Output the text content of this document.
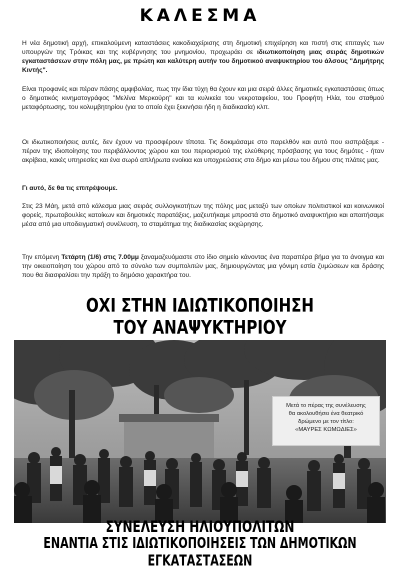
ΚΑΛΕΣΜΑ

Η νέα δημοτική αρχή, επικαλούμενη καταστάσεις κακοδιαχείρισης στη δημοτική επιχείρηση και πιστή στις επιταγές των υπουργών της Τρόικας και της κυβέρνησης του μνημονίου, προχωράει σε ιδιωτικοποίηση μιας σειράς δημοτικών εγκαταστάσεων στην πόλη μας, με πρώτη και καλύτερη αυτήν του δημοτικού αναψυκτηρίου του άλσους "Δημήτρης Κιντής".

Είναι προφανές και πέραν πάσης αμφιβολίας, πως την ίδια τύχη θα έχουν και μια σειρά άλλες δημοτικές εγκαταστάσεις όπως ο δημοτικός κινηματογράφος "Μελίνα Μερκούρη" και τα κυλικεία του νεκροταφείου, του Προφήτη Ηλία, του σταθμού μεταφόρτωσης, του κολυμβητηρίου (για το οποίο έχει ξεκινήσει ήδη η διαδικασία) κλπ.

Οι ιδιωτικοποιήσεις αυτές, δεν έχουν να προσφέρουν τίποτα. Τις δοκιμάσαμε στο παρελθόν και αυτό που εισπράξαμε - πέραν της ιδιοποίησης του περιβάλλοντος χώρου και του περιορισμού της ελεύθερης πρόσβασης για τους δημότες - ήταν ακρίβεια, κακές υπηρεσίες και ένα σωρό απλήρωτα ενοίκια και υποχρεώσεις στο δήμο και μέσω του δήμου στις πλάτες μας.

Γι αυτό, δε θα τις επιτρέψουμε.

Στις 23 Μάη, μετά από κάλεσμα μιας σειράς συλλογικοτήτων της πόλης μας μεταξύ των οποίων πολιτιστικοί και κοινωνικοί φορείς, πρωτοβουλίες κατοίκων και δημοτικές παρατάξεις, μαζευτήκαμε μπροστά στο δημοτικό αναψυκτήριο και απαιτήσαμε μέσα από μια υποδειγματική συνέλευση, το σταμάτημα της διαδικασίας εκχώρησης.

Την επόμενη Τετάρτη (1/6) στις 7.00μμ ξαναμαζευόμαστε στο ίδιο σημείο κάνοντας ένα παραπέρα βήμα για το άνοιγμα και την οικειοποίηση του χώρου από το σύνολο των συμπολιτών μας, δημιουργώντας μια γόνιμη εστία ζυμώσεων και δράσης που θα διασφαλίσει την πράξη το δημόσιο χαρακτήρα του.

ΟΧΙ ΣΤΗΝ ΙΔΙΩΤΙΚΟΠΟΙΗΣΗ
ΤΟΥ ΑΝΑΨΥΚΤΗΡΙΟΥ
Μετά το πέρας της συνέλευσης
θα ακολουθήσει ένα θεατρικό
δρώμενο με τον τίτλο:
«ΜΑΥΡΕΣ ΚΩΜΩΔΙΕΣ»
ΣΥΝΕΛΕΥΣΗ ΗΛΙΟΥΠΟΛΙΤΩΝ
ΕΝΑΝΤΙΑ ΣΤΙΣ ΙΔΙΩΤΙΚΟΠΟΙΗΣΕΙΣ ΤΩΝ ΔΗΜΟΤΙΚΩΝ ΕΓΚΑΤΑΣΤΑΣΕΩΝ
